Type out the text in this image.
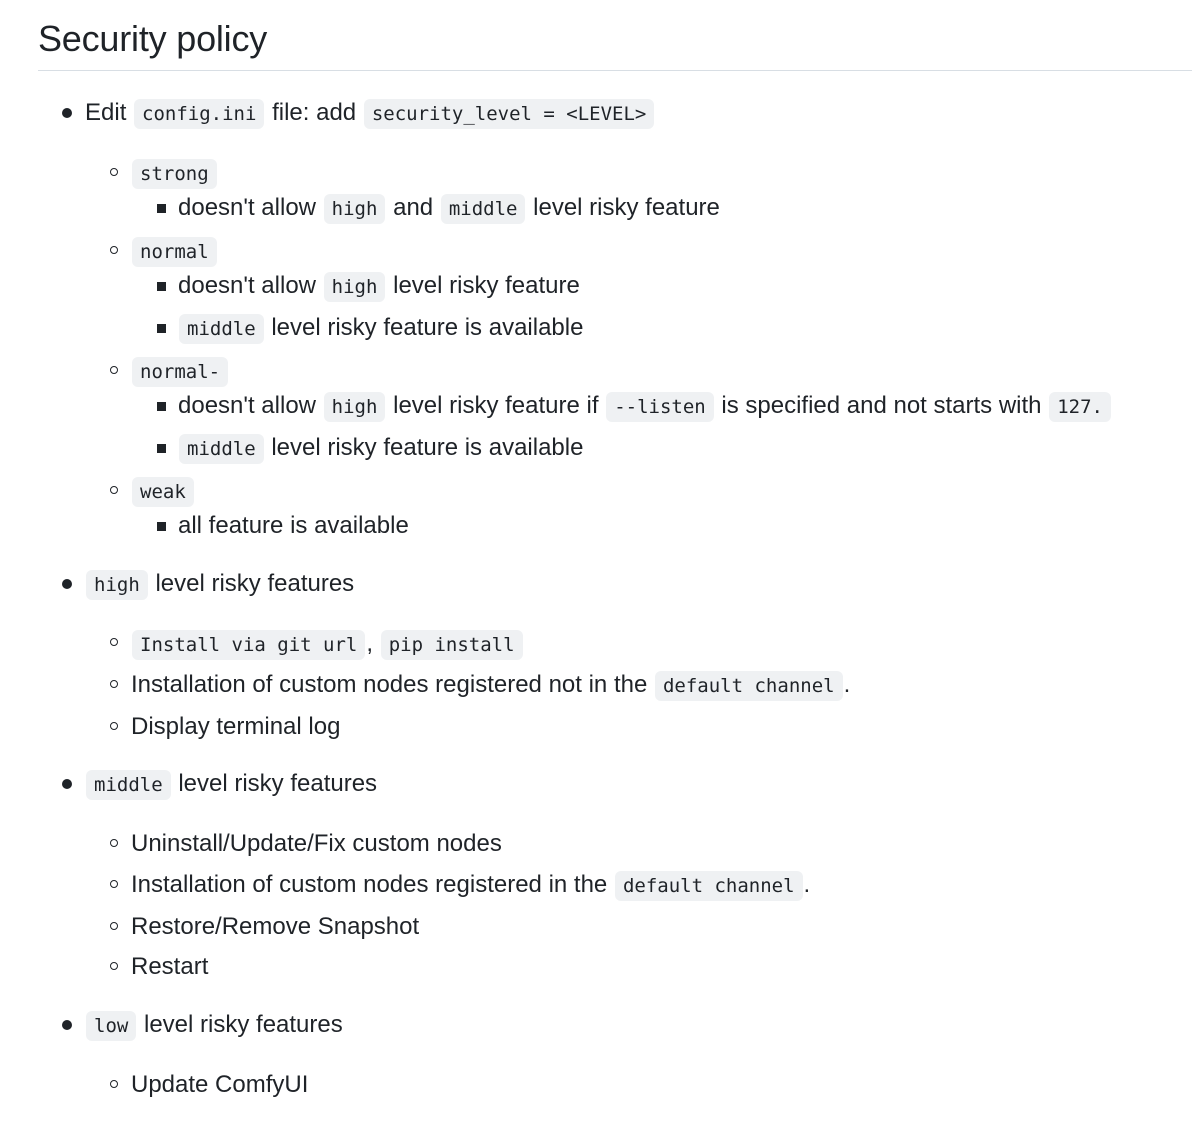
Security policy
Edit config.ini file: add security_level = <LEVEL>
strong
doesn't allow high and middle level risky feature
normal
doesn't allow high level risky feature
middle level risky feature is available
normal-
doesn't allow high level risky feature if --listen is specified and not starts with 127.
middle level risky feature is available
weak
all feature is available
high level risky features
Install via git url , pip install
Installation of custom nodes registered not in the default channel .
Display terminal log
middle level risky features
Uninstall/Update/Fix custom nodes
Installation of custom nodes registered in the default channel .
Restore/Remove Snapshot
Restart
low level risky features
Update ComfyUI
